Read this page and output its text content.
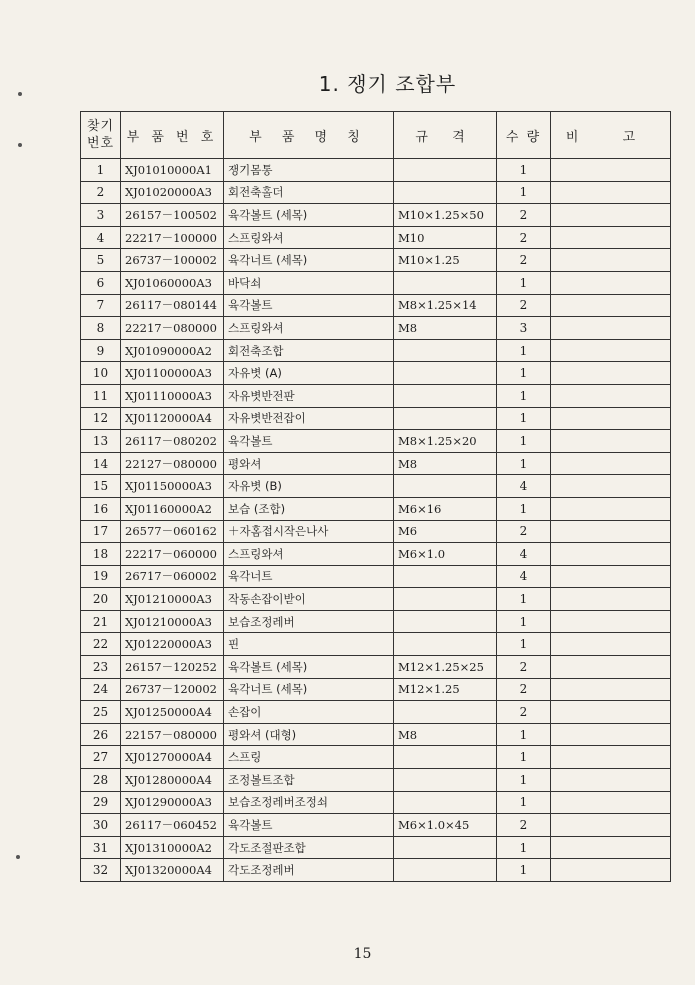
1. 쟁기 조합부
찾기번호	부 품 번 호	부 품 명 칭	규 격	수 량	비 고
1	XJ01010000A1	쟁기몸통		1	
2	XJ01020000A3	회전축홀더		1	
3	26157－100502	육각볼트 (세목)	M10×1.25×50	2	
4	22217－100000	스프링와셔	M10	2	
5	26737－100002	육각너트 (세목)	M10×1.25	2	
6	XJ01060000A3	바닥쇠		1	
7	26117－080144	육각볼트	M8×1.25×14	2	
8	22217－080000	스프링와셔	M8	3	
9	XJ01090000A2	회전축조합		1	
10	XJ01100000A3	자유볏 (A)		1	
11	XJ01110000A3	자유볏반전판		1	
12	XJ01120000A4	자유볏반전잡이		1	
13	26117－080202	육각볼트	M8×1.25×20	1	
14	22127－080000	평와셔	M8	1	
15	XJ01150000A3	자유볏 (B)		4	
16	XJ01160000A2	보습 (조합)	M6×16	1	
17	26577－060162	＋자홈접시작은나사	M6	2	
18	22217－060000	스프링와셔	M6×1.0	4	
19	26717－060002	육각너트		4	
20	XJ01210000A3	작동손잡이받이		1	
21	XJ01210000A3	보습조정레버		1	
22	XJ01220000A3	핀		1	
23	26157－120252	육각볼트 (세목)	M12×1.25×25	2	
24	26737－120002	육각너트 (세목)	M12×1.25	2	
25	XJ01250000A4	손잡이		2	
26	22157－080000	평와셔 (대형)	M8	1	
27	XJ01270000A4	스프링		1	
28	XJ01280000A4	조정볼트조합		1	
29	XJ01290000A3	보습조정레버조정쇠		1	
30	26117－060452	육각볼트	M6×1.0×45	2	
31	XJ01310000A2	각도조절판조합		1	
32	XJ01320000A4	각도조정레버		1	
15
